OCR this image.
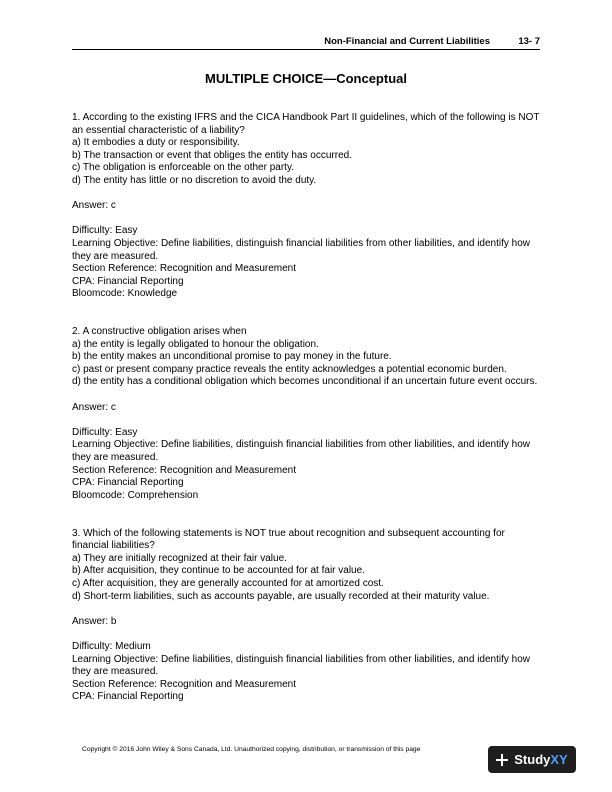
Non-Financial and Current Liabilities	13- 7
MULTIPLE CHOICE—Conceptual

1. According to the existing IFRS and the CICA Handbook Part II guidelines, which of the following is NOT an essential characteristic of a liability?

a) It embodies a duty or responsibility.

b) The transaction or event that obliges the entity has occurred.

c) The obligation is enforceable on the other party.

d) The entity has little or no discretion to avoid the duty.

Answer: c

Difficulty: Easy

Learning Objective: Define liabilities, distinguish financial liabilities from other liabilities, and identify how they are measured.

Section Reference: Recognition and Measurement

CPA: Financial Reporting

Bloomcode: Knowledge

2. A constructive obligation arises when

a) the entity is legally obligated to honour the obligation.

b) the entity makes an unconditional promise to pay money in the future.

c) past or present company practice reveals the entity acknowledges a potential economic burden.

d) the entity has a conditional obligation which becomes unconditional if an uncertain future event occurs.

Answer: c

Difficulty: Easy

Learning Objective: Define liabilities, distinguish financial liabilities from other liabilities, and identify how they are measured.

Section Reference: Recognition and Measurement

CPA: Financial Reporting

Bloomcode: Comprehension

3. Which of the following statements is NOT true about recognition and subsequent accounting for financial liabilities?

a) They are initially recognized at their fair value.

b) After acquisition, they continue to be accounted for at fair value.

c) After acquisition, they are generally accounted for at amortized cost.

d) Short-term liabilities, such as accounts payable, are usually recorded at their maturity value.

Answer: b

Difficulty: Medium

Learning Objective: Define liabilities, distinguish financial liabilities from other liabilities, and identify how they are measured.

Section Reference: Recognition and Measurement

CPA: Financial Reporting

Copyright © 2016 John Wiley & Sons Canada, Ltd. Unauthorized copying, distribution, or transmission of this page
StudyXY
